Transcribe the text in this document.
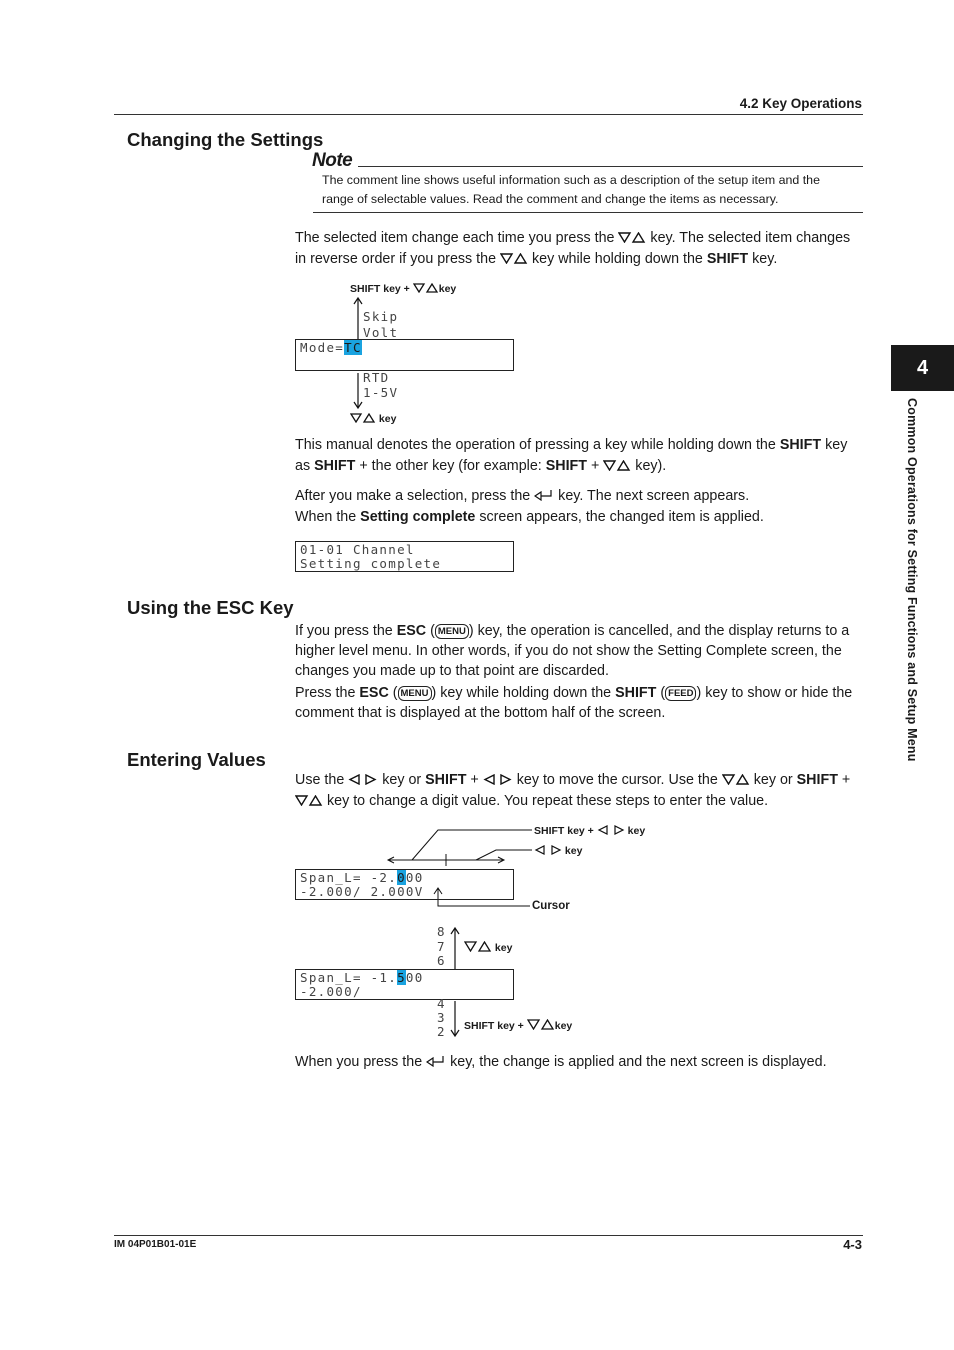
4.2 Key Operations
4
Common Operations for Setting Functions and Setup Menu
IM 04P01B01-01E	4-3
Changing the Settings
Note
The comment line shows useful information such as a description of the setup item and the range of selectable values. Read the comment and change the items as necessary.
The selected item change each time you press the  key. The selected item changes in reverse order if you press the  key while holding down the SHIFT key.
SHIFT key + key
Skip
Volt
Mode=TC
RTD
1-5V
key
This manual denotes the operation of pressing a key while holding down the SHIFT key as SHIFT + the other key (for example: SHIFT +  key).
After you make a selection, press the  key. The next screen appears.
When the Setting complete screen appears, the changed item is applied.
01-01 Channel
Setting complete
Using the ESC Key
If you press the ESC ( MENU ) key, the operation is cancelled, and the display returns to a higher level menu. In other words, if you do not show the Setting Complete screen, the changes you made up to that point are discarded.
Press the ESC ( MENU ) key while holding down the SHIFT ( FEED ) key to show or hide the comment that is displayed at the bottom half of the screen.
Entering Values
Use the  key or SHIFT +  key to move the cursor. Use the  key or SHIFT +  key to change a digit value. You repeat these steps to enter the value.
SHIFT key +	key
key
Span_L= -2.000
-2.000/ 2.000V
Cursor
8
7
6
key
Span_L= -1.500
-2.000/
4
3
2 SHIFT key +	key
When you press the  key, the change is applied and the next screen is displayed.
